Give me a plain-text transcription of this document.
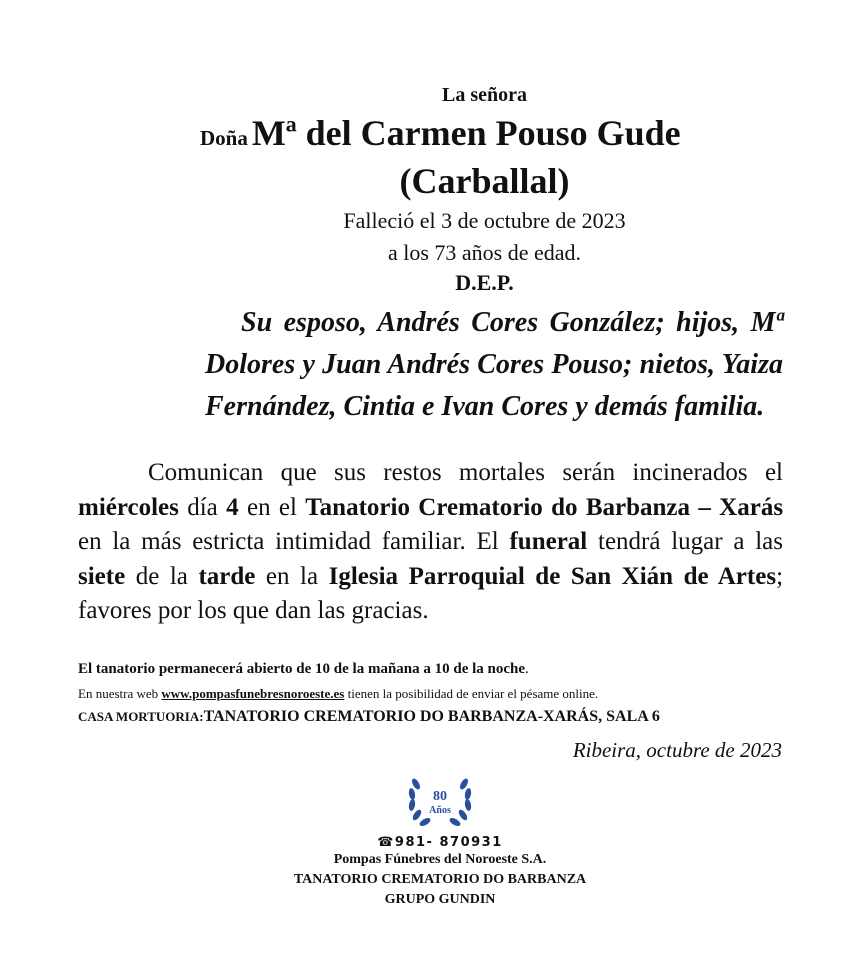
La señora
Doña Mª del Carmen Pouso Gude
(Carballal)
Falleció el 3 de octubre de 2023
a los 73 años de edad.
D.E.P.
Su esposo, Andrés Cores González; hijos, Mª Dolores y Juan Andrés Cores Pouso; nietos, Yaiza Fernández, Cintia e Ivan Cores y demás familia.
Comunican que sus restos mortales serán incinerados el miércoles día 4 en el Tanatorio Crematorio do Barbanza – Xarás en la más estricta intimidad familiar. El funeral tendrá lugar a las siete de la tarde en la Iglesia Parroquial de San Xián de Artes; favores por los que dan las gracias.
El tanatorio permanecerá abierto de 10 de la mañana a 10 de la noche.
En nuestra web www.pompasfunebresnoroeste.es tienen la posibilidad de enviar el pésame online.
CASA MORTUORIA:TANATORIO CREMATORIO DO BARBANZA-XARÁS, SALA 6
Ribeira, octubre de 2023
80
Años
☎981- 870931
Pompas Fúnebres del Noroeste S.A.
TANATORIO CREMATORIO DO BARBANZA
GRUPO GUNDIN
